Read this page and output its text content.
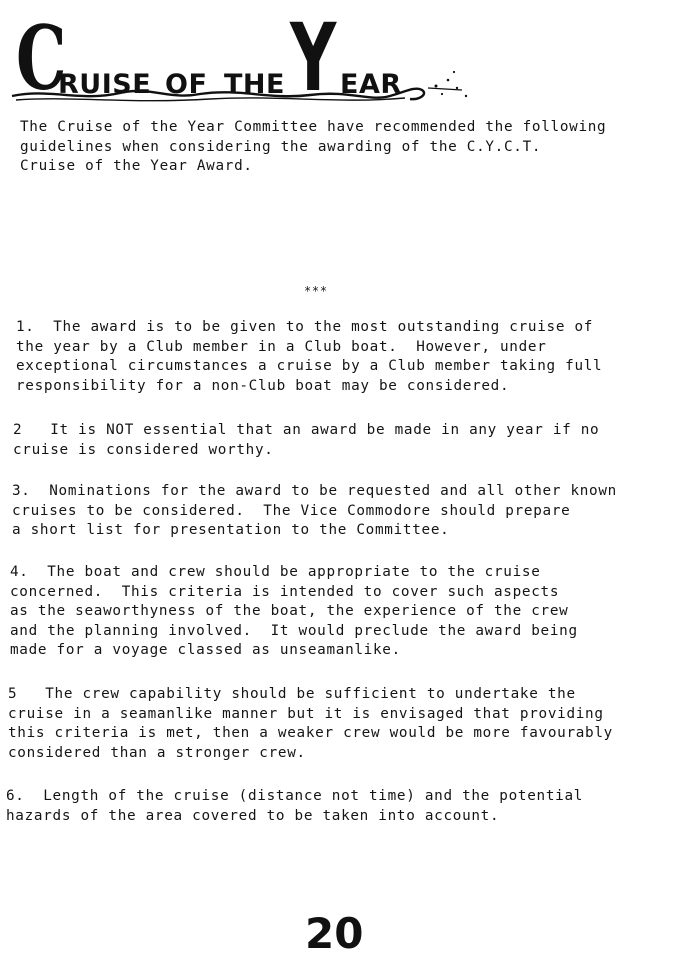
C
RUISE OF THE Y EAR

The Cruise of the Year Committee have recommended the following
guidelines when considering the awarding of the C.Y.C.T.
Cruise of the Year Award.

***

1.  The award is to be given to the most outstanding cruise of
the year by a Club member in a Club boat.  However, under
exceptional circumstances a cruise by a Club member taking full
responsibility for a non-Club boat may be considered.

2   It is NOT essential that an award be made in any year if no
cruise is considered worthy.

3.  Nominations for the award to be requested and all other known
cruises to be considered.  The Vice Commodore should prepare
a short list for presentation to the Committee.

4.  The boat and crew should be appropriate to the cruise
concerned.  This criteria is intended to cover such aspects
as the seaworthyness of the boat, the experience of the crew
and the planning involved.  It would preclude the award being
made for a voyage classed as unseamanlike.

5   The crew capability should be sufficient to undertake the
cruise in a seamanlike manner but it is envisaged that providing
this criteria is met, then a weaker crew would be more favourably
considered than a stronger crew.

6.  Length of the cruise (distance not time) and the potential
hazards of the area covered to be taken into account.

20
